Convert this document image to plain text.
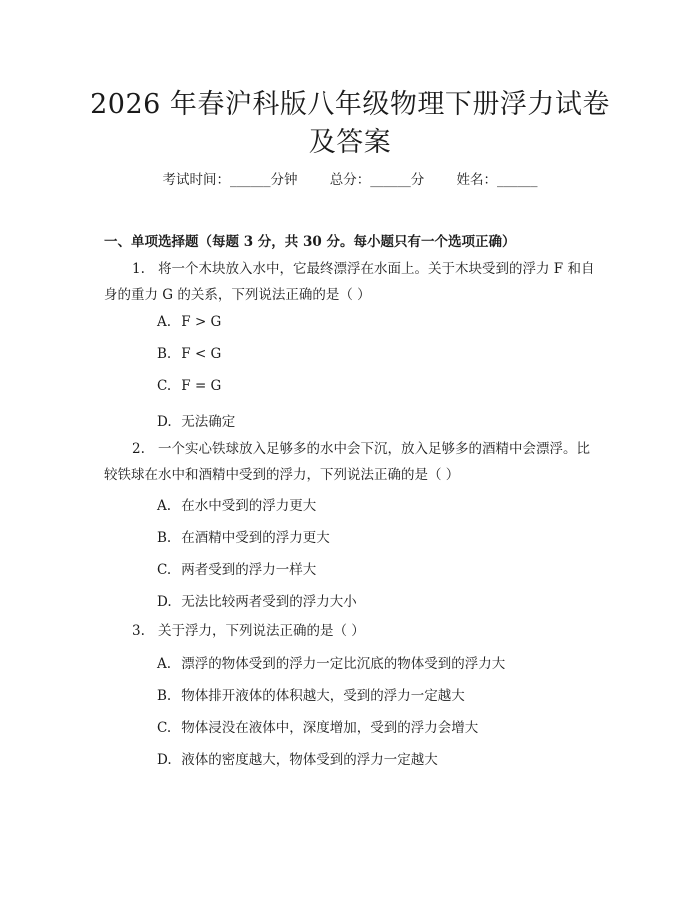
2026 年春沪科版八年级物理下册浮力试卷及答案
考试时间：______分钟 总分：______分 姓名：______
一、单项选择题（每题 3 分，共 30 分。每小题只有一个选项正确）
1. 将一个木块放入水中，它最终漂浮在水面上。关于木块受到的浮力 F 和自身的重力 G 的关系，下列说法正确的是（ ）
A. F > G
B. F < G
C. F = G
D. 无法确定
2. 一个实心铁球放入足够多的水中会下沉，放入足够多的酒精中会漂浮。比较铁球在水中和酒精中受到的浮力，下列说法正确的是（ ）
A. 在水中受到的浮力更大
B. 在酒精中受到的浮力更大
C. 两者受到的浮力一样大
D. 无法比较两者受到的浮力大小
3. 关于浮力，下列说法正确的是（ ）
A. 漂浮的物体受到的浮力一定比沉底的物体受到的浮力大
B. 物体排开液体的体积越大，受到的浮力一定越大
C. 物体浸没在液体中，深度增加，受到的浮力会增大
D. 液体的密度越大，物体受到的浮力一定越大
